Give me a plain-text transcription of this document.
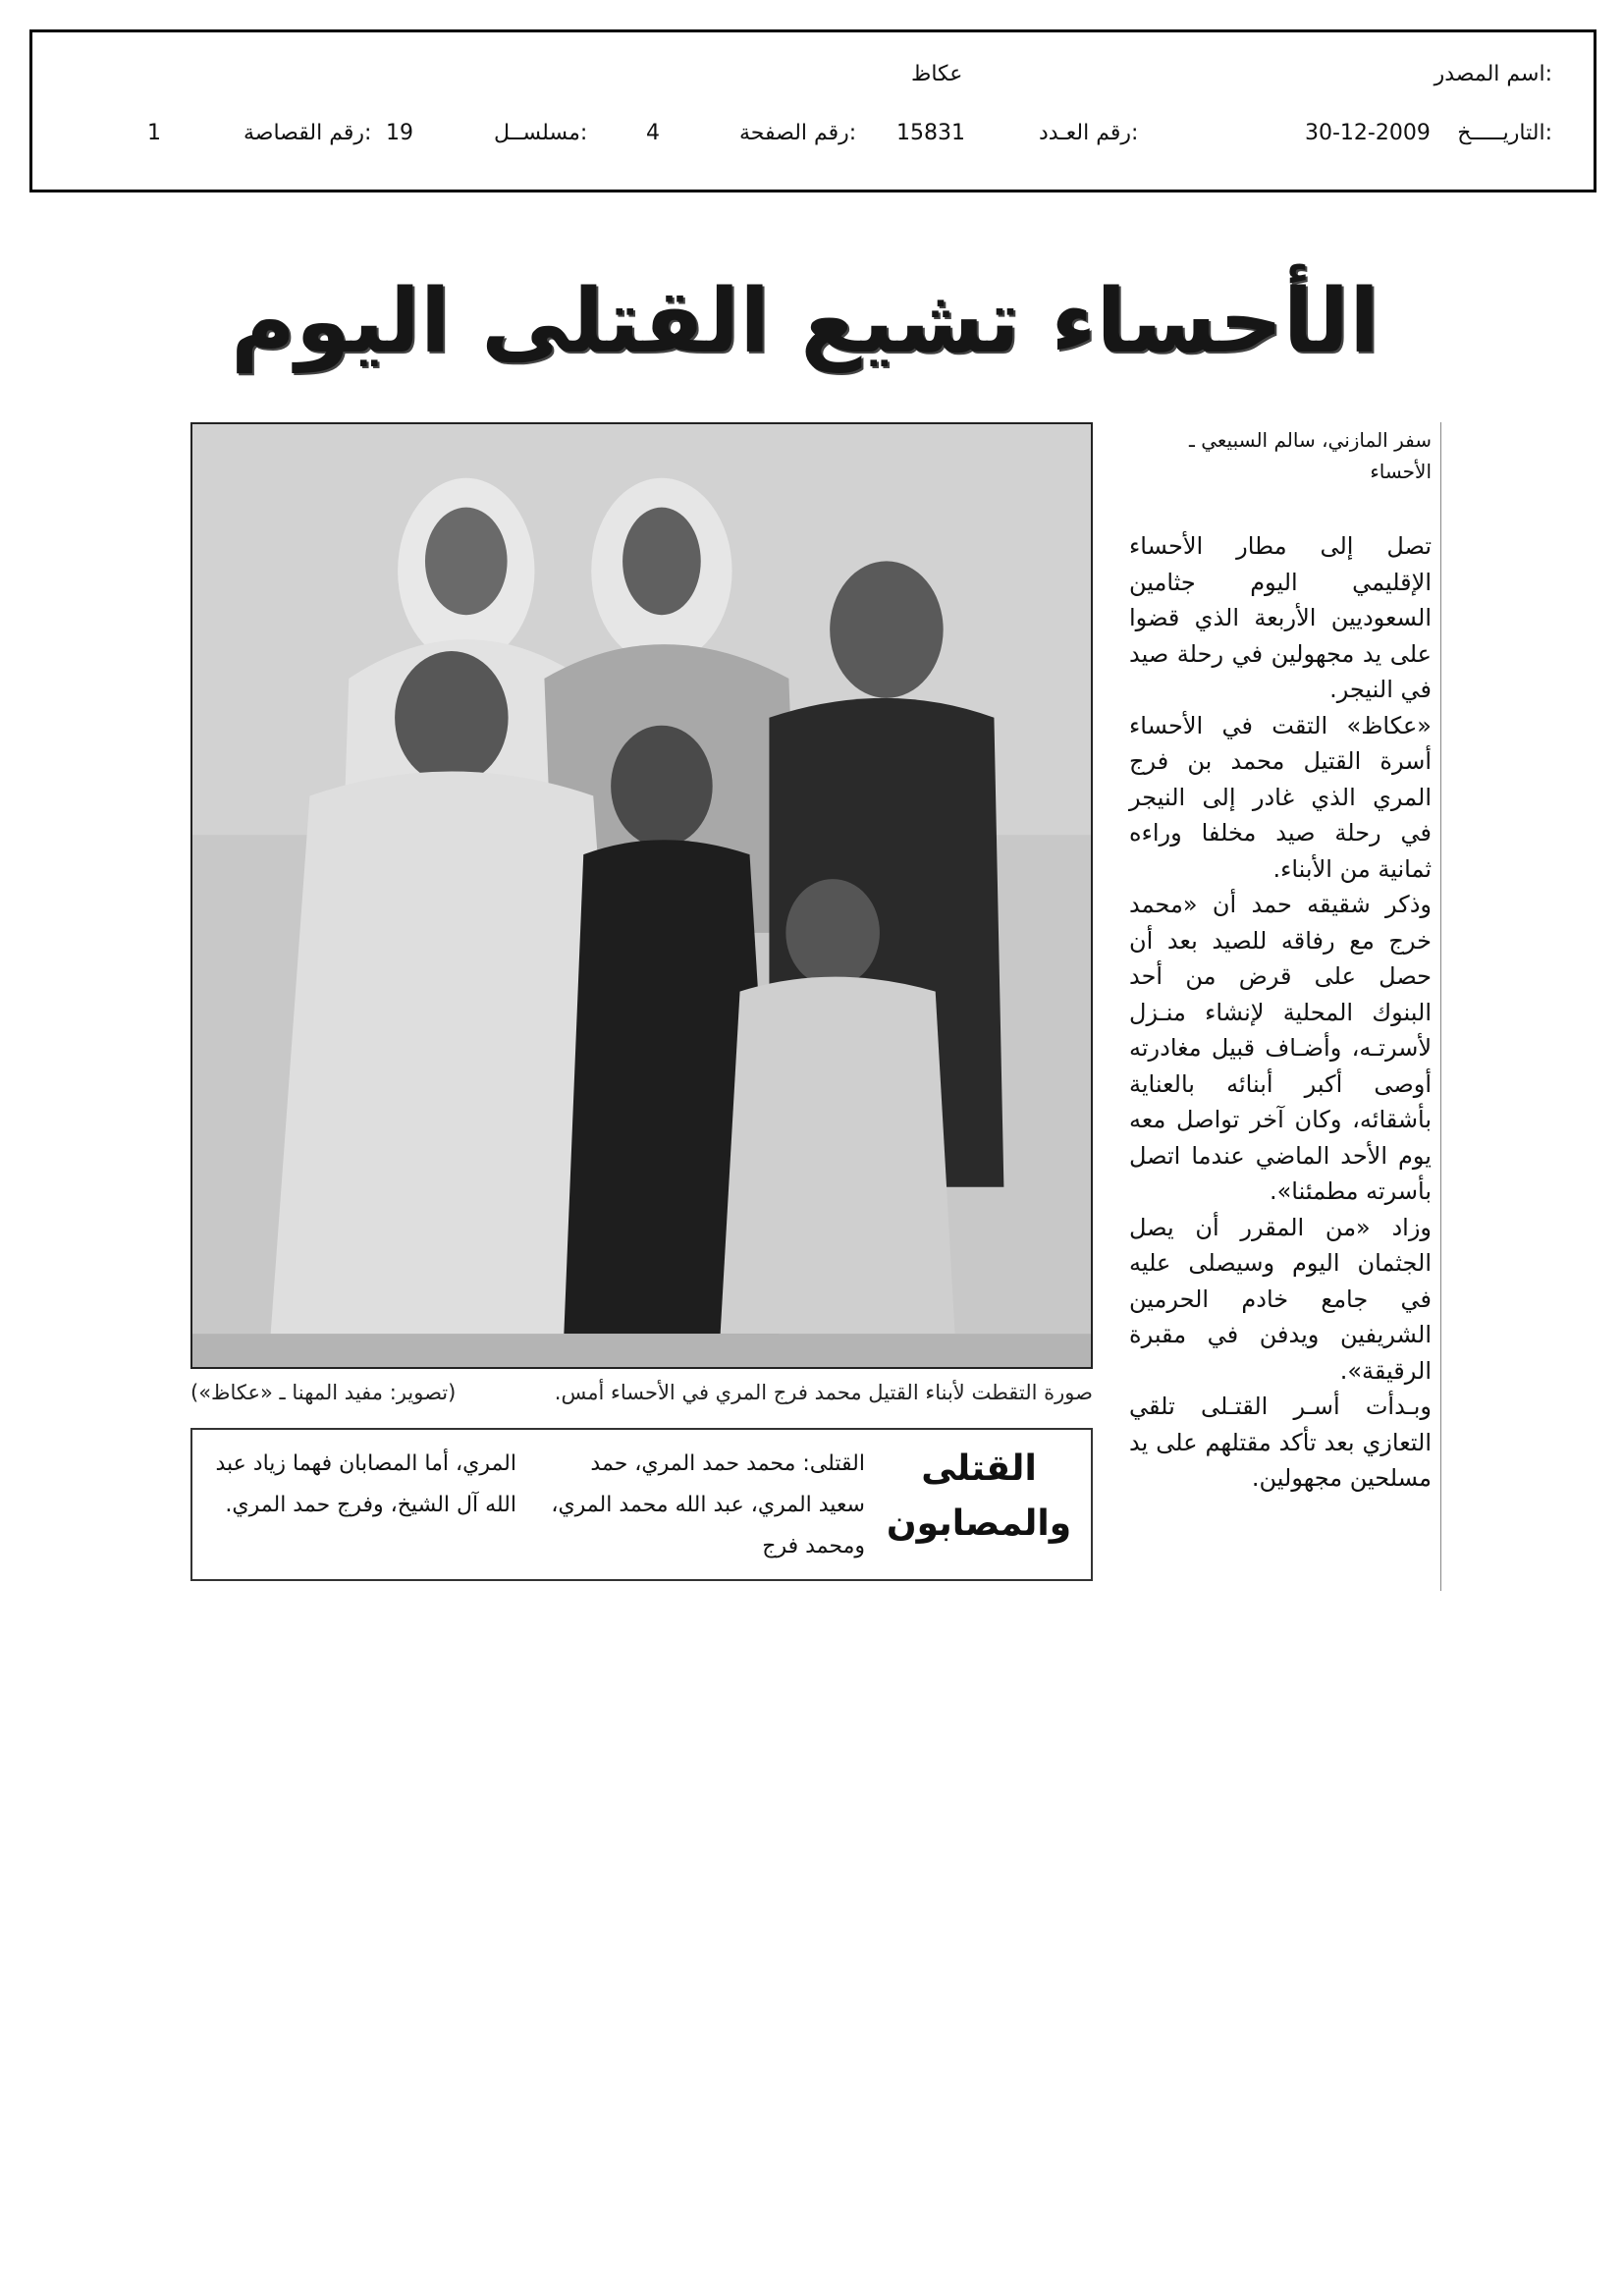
اسم المصدر:
عكاظ
التاريـــــخ:
30-12-2009
رقم العـدد:
15831
رقم الصفحة:
4
مسلســل:
19
رقم القصاصة:
1
الأحساء تشيع القتلى اليوم
صورة التقطت لأبناء القتيل محمد فرج المري في الأحساء أمس.
(تصوير: مفيد المهنا ـ «عكاظ»)
القتلى
والمصابون
القتلى: محمد حمد المري، حمد سعيد المري، عبد الله محمد المري، ومحمد فرج
المري، أما المصابان فهما زياد عبد الله آل الشيخ، وفرج حمد المري.
سفر المازني، سالم السبيعي ـ
الأحساء

تصل إلى مطار الأحساء الإقليمي اليوم جثامين السعوديين الأربعة الذي قضوا على يد مجهولين في رحلة صيد في النيجر.

«عكاظ» التقت في الأحساء أسرة القتيل محمد بن فرج المري الذي غادر إلى النيجر في رحلة صيد مخلفا وراءه ثمانية من الأبناء.

وذكر شقيقه حمد أن «محمد خرج مع رفاقه للصيد بعد أن حصل على قرض من أحد البنوك المحلية لإنشاء منـزل لأسرتـه، وأضـاف قبيل مغادرته أوصى أكبر أبنائه بالعناية بأشقائه، وكان آخر تواصل معه يوم الأحد الماضي عندما اتصل بأسرته مطمئنا».

وزاد «من المقرر أن يصل الجثمان اليوم وسيصلى عليه في جامع خادم الحرمين الشريفين ويدفن في مقبرة الرقيقة».

وبـدأت أسـر القتـلى تلقي التعازي بعد تأكد مقتلهم على يد مسلحين مجهولين.
